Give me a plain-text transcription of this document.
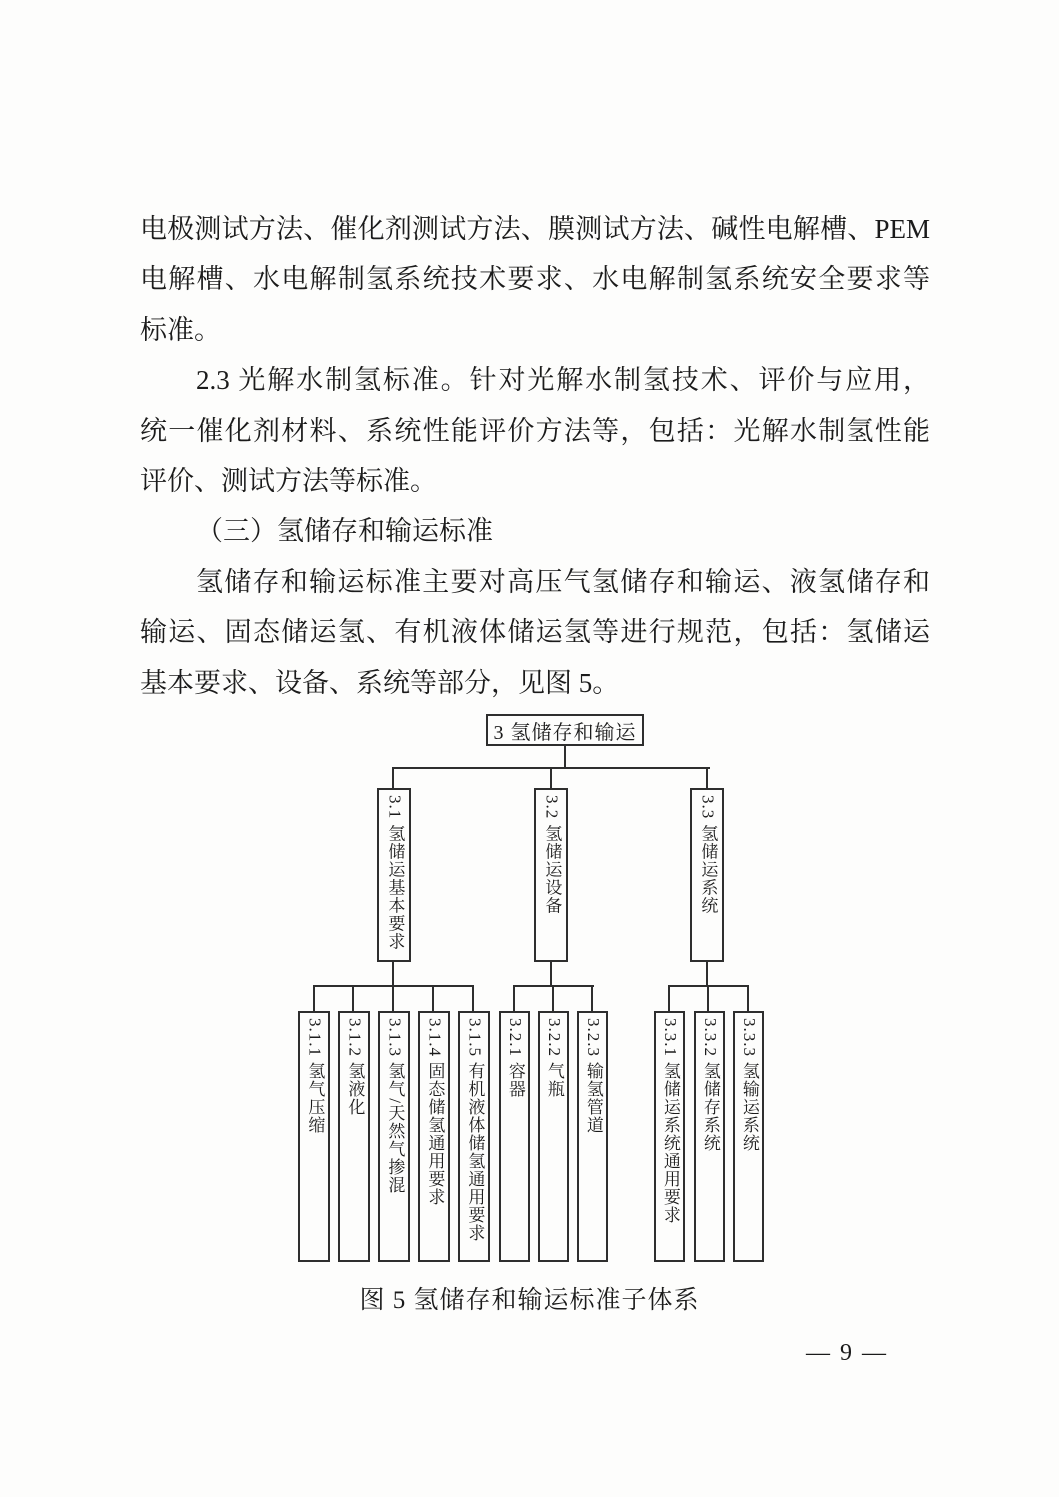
电极测试方法、催化剂测试方法、膜测试方法、碱性电解槽、PEM
电解槽、水电解制氢系统技术要求、水电解制氢系统安全要求等
标准。
2.3 光解水制氢标准。针对光解水制氢技术、评价与应用，
统一催化剂材料、系统性能评价方法等，包括：光解水制氢性能
评价、测试方法等标准。
（三）氢储存和输运标准
氢储存和输运标准主要对高压气氢储存和输运、液氢储存和
输运、固态储运氢、有机液体储运氢等进行规范，包括：氢储运
基本要求、设备、系统等部分，见图 5。
3 氢储存和输运
3.1 氢储运基本要求	3.2 氢储运设备	3.3 氢储运系统
3.1.1 氢气压缩 3.1.2 氢液化 3.1.3 氢气/天然气掺混 3.1.4 固态储氢通用要求 3.1.5 有机液体储氢通用要求 3.2.1 容器 3.2.2 气瓶 3.2.3 输氢管道	3.3.1 氢储运系统通用要求 3.3.2 氢储存系统 3.3.3 氢输运系统
图 5 氢储存和输运标准子体系
— 9 —
